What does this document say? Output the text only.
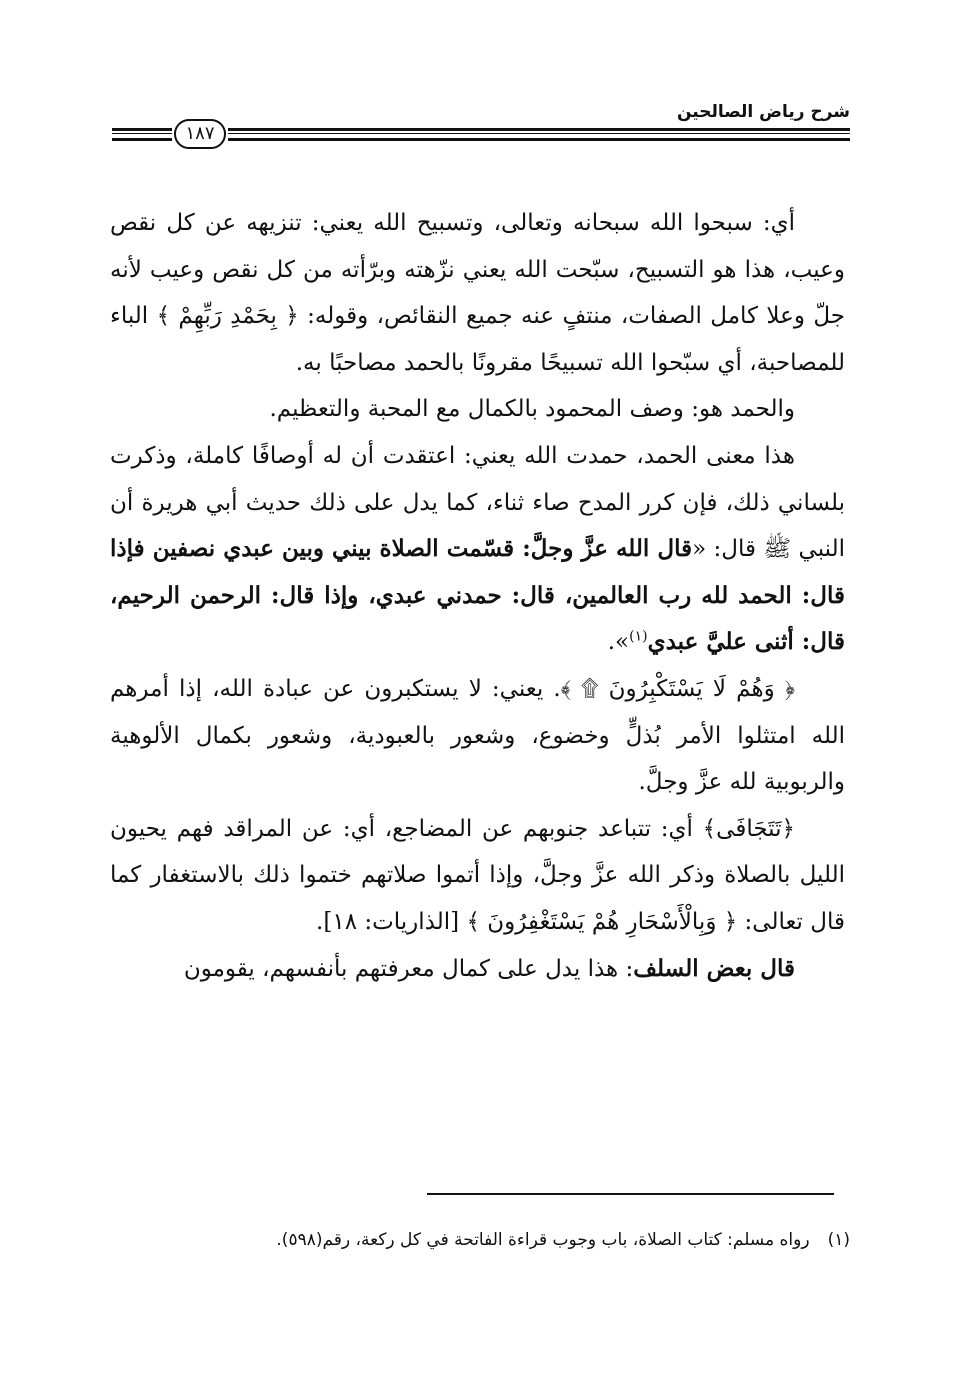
شرح رياض الصالحين
١٨٧

أي: سبحوا الله سبحانه وتعالى، وتسبيح الله يعني: تنزيهه عن كل نقص وعيب، هذا هو التسبيح، سبّحت الله يعني نزّهته وبرّأته من كل نقص وعيب لأنه جلّ وعلا كامل الصفات، منتفٍ عنه جميع النقائص، وقوله: ﴿ بِحَمْدِ رَبِّهِمْ ﴾ الباء للمصاحبة، أي سبّحوا الله تسبيحًا مقرونًا بالحمد مصاحبًا به.

والحمد هو: وصف المحمود بالكمال مع المحبة والتعظيم.

هذا معنى الحمد، حمدت الله يعني: اعتقدت أن له أوصافًا كاملة، وذكرت بلساني ذلك، فإن كرر المدح صاء ثناء، كما يدل على ذلك حديث أبي هريرة أن النبي ﷺ قال: «قال الله عزَّ وجلَّ: قسّمت الصلاة بيني وبين عبدي نصفين فإذا قال: الحمد لله رب العالمين، قال: حمدني عبدي، وإذا قال: الرحمن الرحيم، قال: أثنى عليَّ عبدي$^{(١)}$».

﴿ وَهُمْ لَا يَسْتَكْبِرُونَ ۩ ﴾. يعني: لا يستكبرون عن عبادة الله، إذا أمرهم الله امتثلوا الأمر بُذلٍّ وخضوع، وشعور بالعبودية، وشعور بكمال الألوهية والربوبية لله عزَّ وجلَّ.

﴿تَتَجَافَى﴾ أي: تتباعد جنوبهم عن المضاجع، أي: عن المراقد فهم يحيون الليل بالصلاة وذكر الله عزَّ وجلَّ، وإذا أتموا صلاتهم ختموا ذلك بالاستغفار كما قال تعالى: ﴿ وَبِالْأَسْحَارِ هُمْ يَسْتَغْفِرُونَ ﴾ [الذاريات: ١٨].

قال بعض السلف: هذا يدل على كمال معرفتهم بأنفسهم، يقومون

(١)رواه مسلم: كتاب الصلاة، باب وجوب قراءة الفاتحة في كل ركعة، رقم(٥٩٨).
